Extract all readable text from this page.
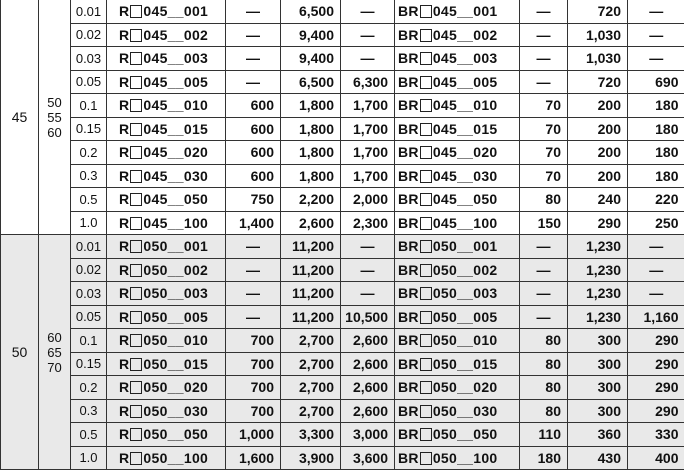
45	50
55
60	0.01	R 045__001	—	6,500	—	BR 045__001	—	720	—
		0.02	R 045__002	—	9,400	—	BR 045__002	—	1,030	—
		0.03	R 045__003	—	9,400	—	BR 045__003	—	1,030	—
		0.05	R 045__005	—	6,500	6,300	BR 045__005	—	720	690
		0.1	R 045__010	600	1,800	1,700	BR 045__010	70	200	180
		0.15	R 045__015	600	1,800	1,700	BR 045__015	70	200	180
		0.2	R 045__020	600	1,800	1,700	BR 045__020	70	200	180
		0.3	R 045__030	600	1,800	1,700	BR 045__030	70	200	180
		0.5	R 045__050	750	2,200	2,000	BR 045__050	80	240	220
		1.0	R 045__100	1,400	2,600	2,300	BR 045__100	150	290	250
50	60
65
70	0.01	R 050__001	—	11,200	—	BR 050__001	—	1,230	—
		0.02	R 050__002	—	11,200	—	BR 050__002	—	1,230	—
		0.03	R 050__003	—	11,200	—	BR 050__003	—	1,230	—
		0.05	R 050__005	—	11,200	10,500	BR 050__005	—	1,230	1,160
		0.1	R 050__010	700	2,700	2,600	BR 050__010	80	300	290
		0.15	R 050__015	700	2,700	2,600	BR 050__015	80	300	290
		0.2	R 050__020	700	2,700	2,600	BR 050__020	80	300	290
		0.3	R 050__030	700	2,700	2,600	BR 050__030	80	300	290
		0.5	R 050__050	1,000	3,300	3,000	BR 050__050	110	360	330
		1.0	R 050__100	1,600	3,900	3,600	BR 050__100	180	430	400
